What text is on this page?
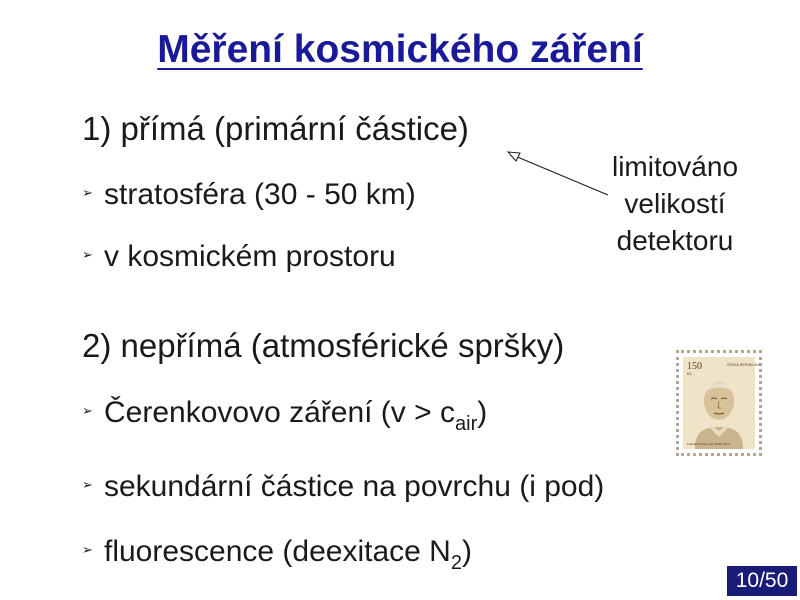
Měření kosmického záření
1) přímá (primární částice)
➢ stratosféra (30 - 50 km)
➢ v kosmickém prostoru
limitováno
velikostí
detektoru
2) nepřímá (atmosférické spršky)
➢ Čerenkovovo záření $(v > c_{air})$
➢ sekundární částice na povrchu (i pod)
➢ fluorescence (deexitace $N_2$)
150
Kč
ČESKÁ REPUBLIKA
František Běhounek 1898–1973
10/50
